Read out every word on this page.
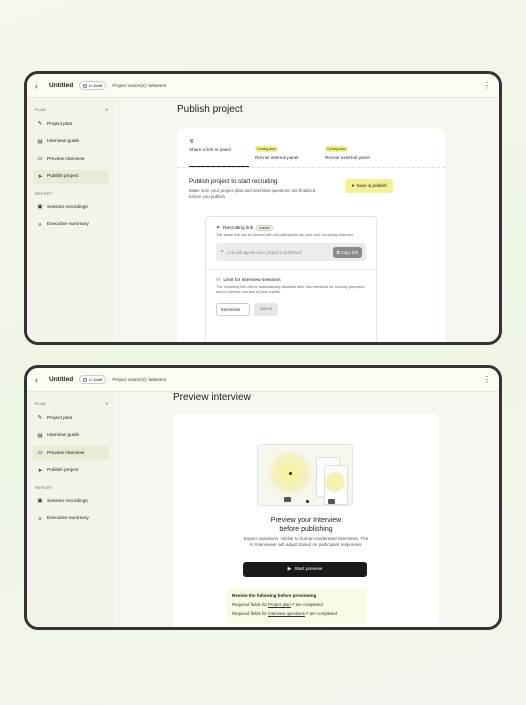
‹	Untitled	In Draft Project owner(s): Waseem	⋮
PLAN	▸
✎ Project plan
▤ Interview guide
▭ Preview interview
➤ Publish project
REPORT
▣ Session recordings
≡ Executive summary
Publish project
↯
Share a link to panel	Coming soon
Recruit internal panel
Coming soon
Recruit external panel
Publish project to start recruiting
Make sure your project plan and interview questions are finalized before you publish.
➤ Save & publish
⚭ Recruiting link	Inactive
The same link can be shared with all participants via your own recruiting channels
⚭ Link will appear once project is published	⧉ Copy link
⚇ Limit for interview sessions
The recruiting link will be automatically disabled after this threshold for security purposes and to prevent overuse of your credits.
5Sessions	Saved
‹	Untitled	In Draft Project owner(s): Waseem	⋮
PLAN	▸
✎ Project plan
▤ Interview guide
▭ Preview interview
➤ Publish project
REPORT
▣ Session recordings
≡ Executive summary
Preview interview
Preview your Interview
before publishing
Expect variations, similar to human-moderated interviews. The AI Interviewer will adjust based on participant responses.
▶ Start preview
Review the following before previewing
Required fields for Project plan↗ are completed
Required fields for Interview questions↗ are completed
